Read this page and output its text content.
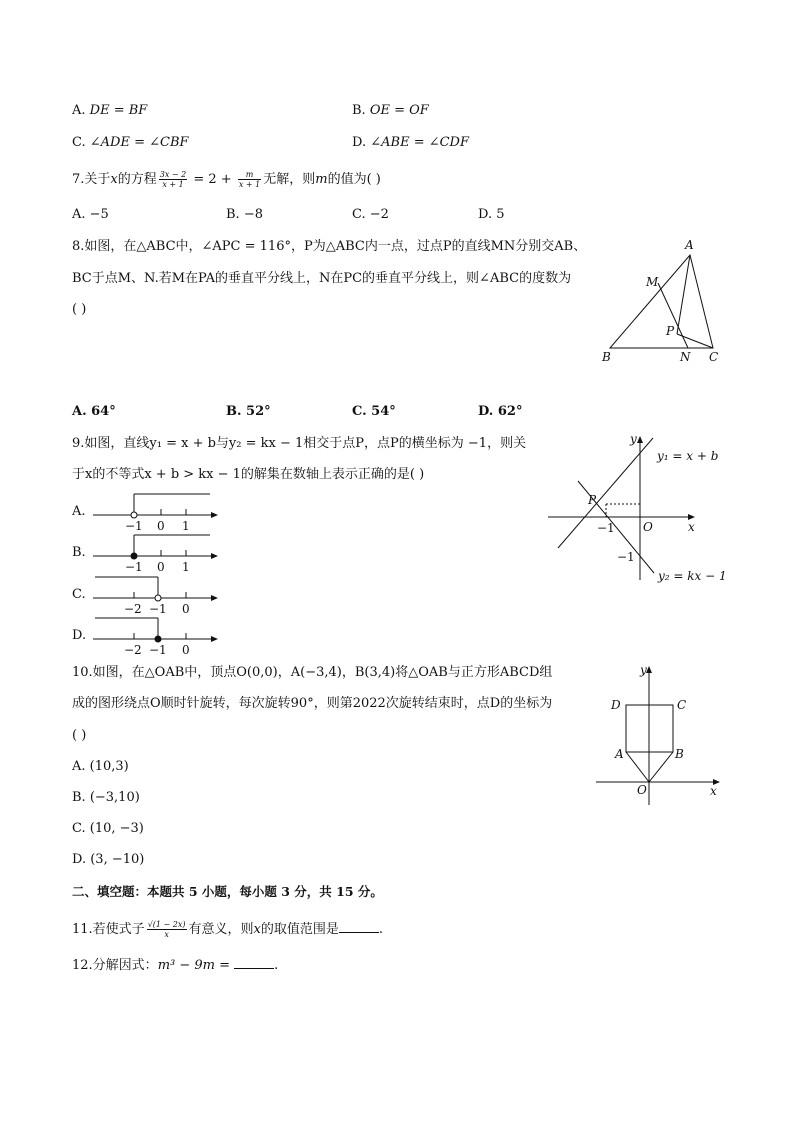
A. DE = BF	B. OE = OF
C. ∠ADE = ∠CBF	D. ∠ABE = ∠CDF
7.关于x的方程 $\frac{3x - 2}{x + 1} = 2 + \frac{m}{x + 1}$ 无解，则m的值为( )
A. −5	B. −8	C. −2	D. 5
8.如图，在△ABC中，∠APC = 116°，P为△ABC内一点，过点P的直线MN分别交AB、
BC于点M、N.若M在PA的垂直平分线上，N在PC的垂直平分线上，则∠ABC的度数为
( )
A
B	C
M
N
P
A. 64°	B. 52°	C. 54°	D. 62°
9.如图，直线y₁ = x + b与y₂ = kx − 1相交于点P，点P的横坐标为 −1，则关
于x的不等式x + b > kx − 1的解集在数轴上表示正确的是( )
A.
−1 0 1
B.
−1 0 1
C.
−2 −1 0
D.
−2 −1 0
y
x
O
P
−1
−1
y₁ = x + b
y₂ = kx − 1
10.如图，在△OAB中，顶点O(0,0)，A(−3,4)，B(3,4)将△OAB与正方形ABCD组
成的图形绕点O顺时针旋转，每次旋转90°，则第2022次旋转结束时，点D的坐标为
( )
A. (10,3)
B. (−3,10)
C. (10, −3)
D. (3, −10)
y
x
O
A	B
C
D
二、填空题：本题共 5 小题，每小题 3 分，共 15 分。
11.若使式子 $\frac{√(1 - 2x)}{x}$ 有意义，则x的取值范围是	.
12.分解因式：m³ − 9m =	.
